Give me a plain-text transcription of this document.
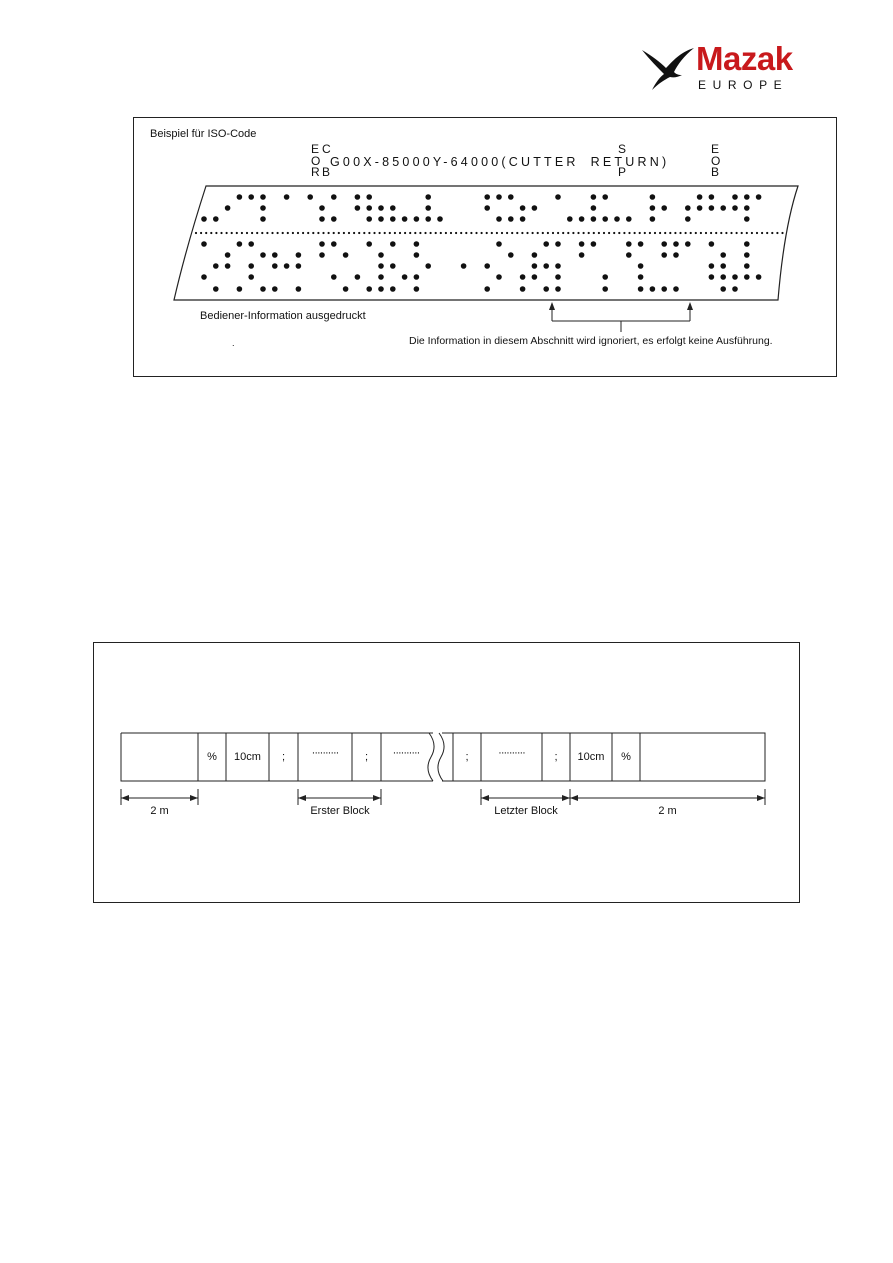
Mazak
EUROPE
Beispiel für ISO-Code
E
O
R
C
B
S
P
E
O
B
G00X-85000Y-64000(CUTTER RETURN)
Bediener-Information ausgedruckt
.	Die Information in diesem Abschnitt wird ignoriert, es erfolgt keine Ausführung.
%	10cm	;	··········	;	··········	;	··········	;	10cm	%
2 m	Erster Block	Letzter Block	2 m
